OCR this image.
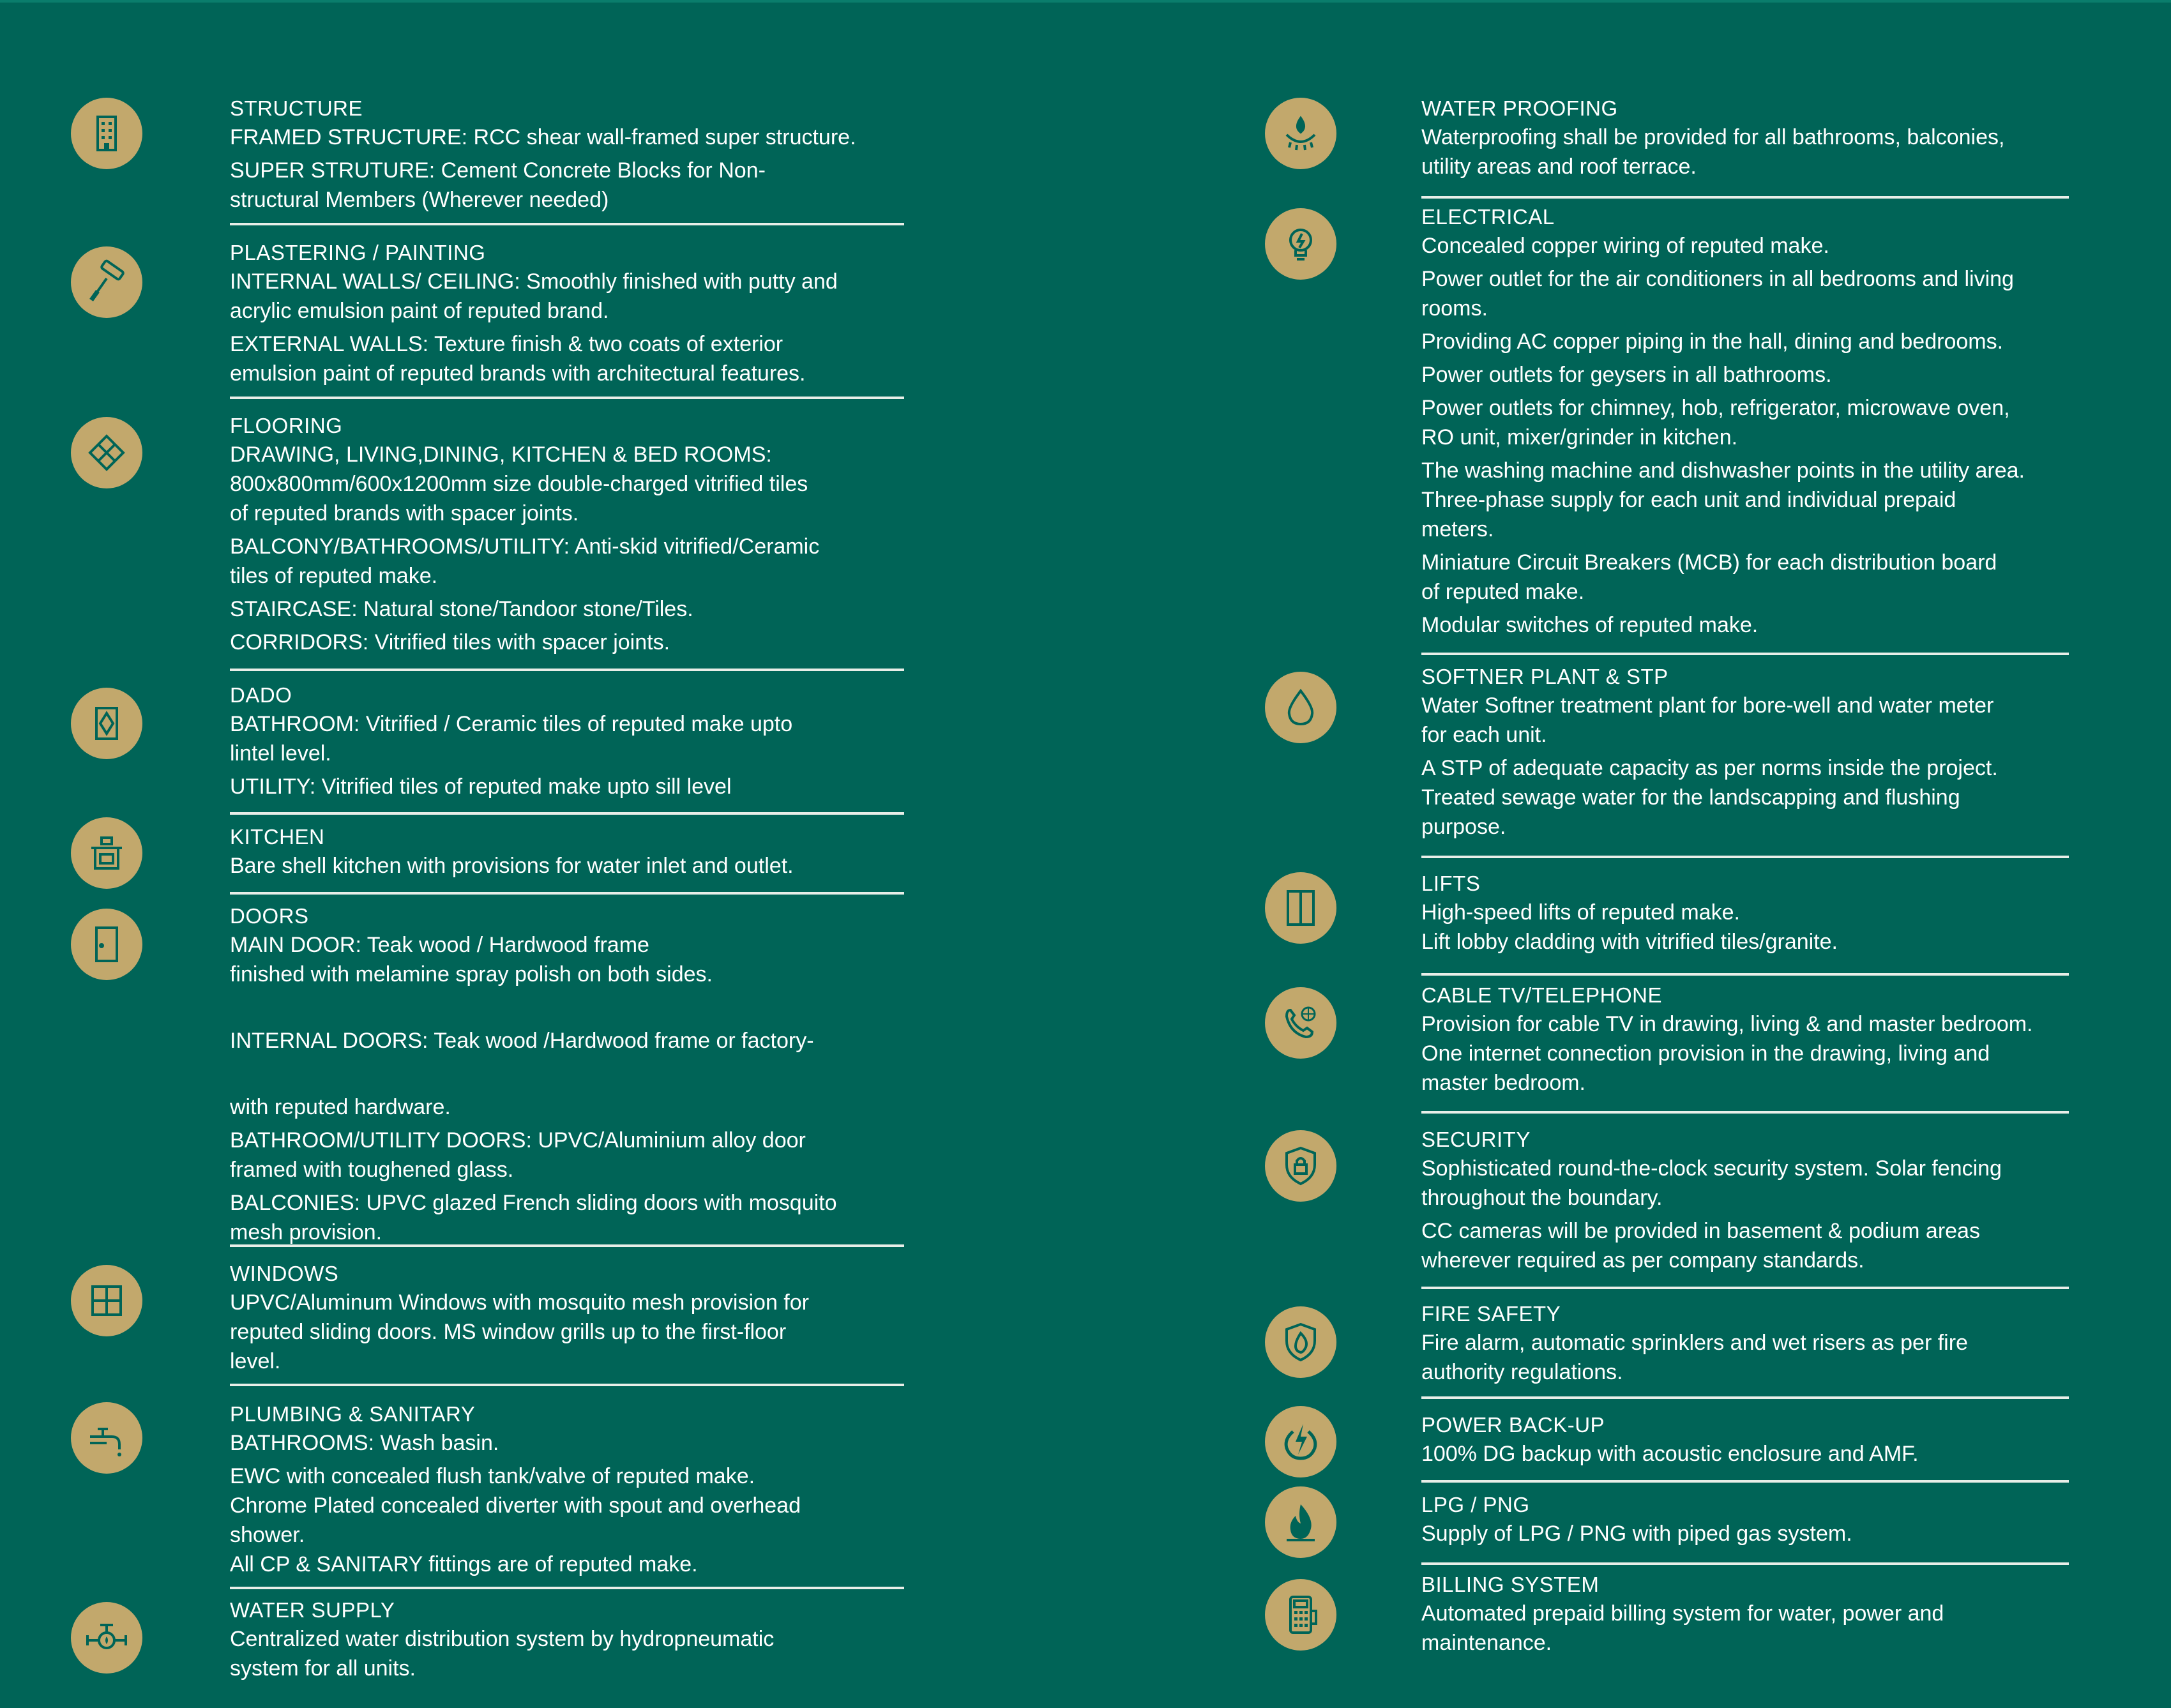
STRUCTURE
FRAMED STRUCTURE: RCC shear wall-framed super structure.
SUPER STRUTURE: Cement Concrete Blocks for Non-
structural Members (Wherever needed)
PLASTERING / PAINTING
INTERNAL WALLS/ CEILING: Smoothly finished with putty and
acrylic emulsion paint of reputed brand.
EXTERNAL WALLS: Texture finish & two coats of exterior
emulsion paint of reputed brands with architectural features.
FLOORING
DRAWING, LIVING,DINING, KITCHEN & BED ROOMS:
800x800mm/600x1200mm size double-charged vitrified tiles
of reputed brands with spacer joints.
BALCONY/BATHROOMS/UTILITY: Anti-skid vitrified/Ceramic
tiles of reputed make.
STAIRCASE: Natural stone/Tandoor stone/Tiles.
CORRIDORS: Vitrified tiles with spacer joints.
DADO
BATHROOM: Vitrified / Ceramic tiles of reputed make upto
lintel level.
UTILITY: Vitrified tiles of reputed make upto sill level
KITCHEN
Bare shell kitchen with provisions for water inlet and outlet.
DOORS
MAIN DOOR: Teak wood / Hardwood frame
finished with melamine spray polish on both sides.
INTERNAL DOORS: Teak wood /Hardwood frame or factory-
with reputed hardware.
BATHROOM/UTILITY DOORS: UPVC/Aluminium alloy door
framed with toughened glass.
BALCONIES: UPVC glazed French sliding doors with mosquito
mesh provision.
WINDOWS
UPVC/Aluminum Windows with mosquito mesh provision for
reputed sliding doors. MS window grills up to the first-floor
level.
PLUMBING & SANITARY
BATHROOMS: Wash basin.
EWC with concealed flush tank/valve of reputed make.
Chrome Plated concealed diverter with spout and overhead
shower.
All CP & SANITARY fittings are of reputed make.
WATER SUPPLY
Centralized water distribution system by hydropneumatic
system for all units.
WATER PROOFING
Waterproofing shall be provided for all bathrooms, balconies,
utility areas and roof terrace.
ELECTRICAL
Concealed copper wiring of reputed make.
Power outlet for the air conditioners in all bedrooms and living
rooms.
Providing AC copper piping in the hall, dining and bedrooms.
Power outlets for geysers in all bathrooms.
Power outlets for chimney, hob, refrigerator, microwave oven,
RO unit, mixer/grinder in kitchen.
The washing machine and dishwasher points in the utility area.
Three-phase supply for each unit and individual prepaid
meters.
Miniature Circuit Breakers (MCB) for each distribution board
of reputed make.
Modular switches of reputed make.
SOFTNER PLANT & STP
Water Softner treatment plant for bore-well and water meter
for each unit.
A STP of adequate capacity as per norms inside the project.
Treated sewage water for the landscapping and flushing
purpose.
LIFTS
High-speed lifts of reputed make.
Lift lobby cladding with vitrified tiles/granite.
CABLE TV/TELEPHONE
Provision for cable TV in drawing, living & and master bedroom.
One internet connection provision in the drawing, living and
master bedroom.
SECURITY
Sophisticated round-the-clock security system. Solar fencing
throughout the boundary.
CC cameras will be provided in basement & podium areas
wherever required as per company standards.
FIRE SAFETY
Fire alarm, automatic sprinklers and wet risers as per fire
authority regulations.
POWER BACK-UP
100% DG backup with acoustic enclosure and AMF.
LPG / PNG
Supply of LPG / PNG with piped gas system.
BILLING SYSTEM
Automated prepaid billing system for water, power and
maintenance.
